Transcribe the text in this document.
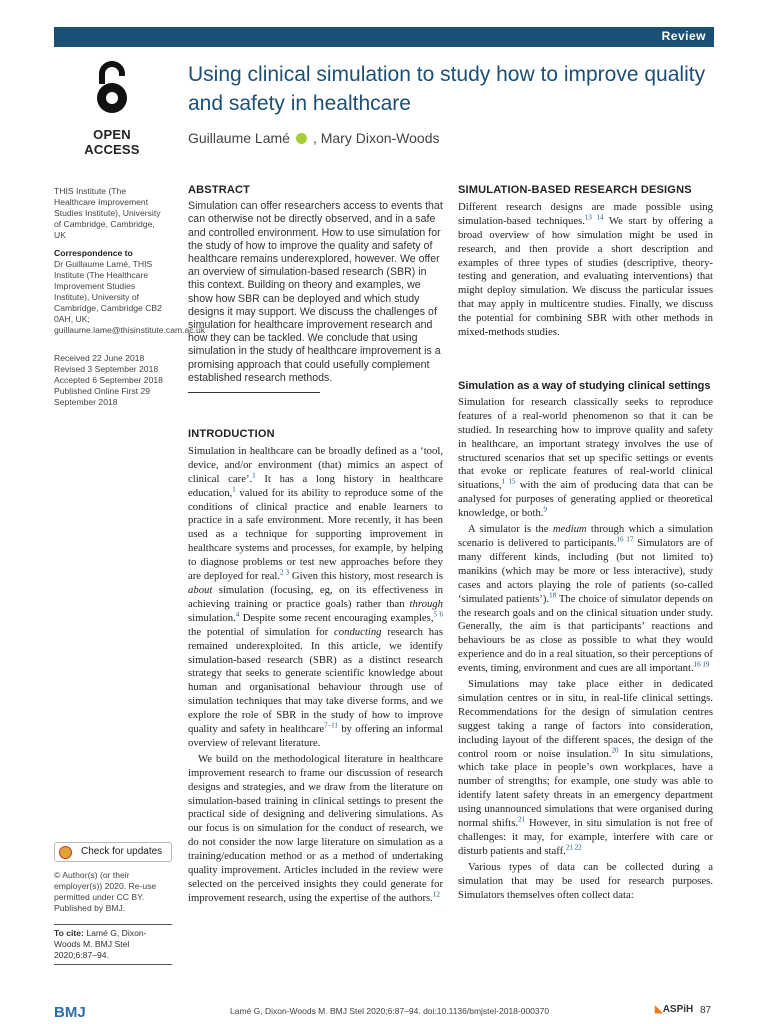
Review
OPEN ACCESS
Using clinical simulation to study how to improve quality and safety in healthcare
Guillaume Lamé , Mary Dixon-Woods
THIS Institute (The Healthcare Improvement Studies Institute), University of Cambridge, Cambridge, UK
Correspondence to
Dr Guillaume Lamé, THIS Institute (The Healthcare Improvement Studies Institute), University of Cambridge, Cambridge CB2 0AH, UK; guillaume.lame@thisinstitute.cam.ac.uk
Received 22 June 2018
Revised 3 September 2018
Accepted 6 September 2018
Published Online First 29 September 2018
Check for updates
© Author(s) (or their employer(s)) 2020. Re-use permitted under CC BY. Published by BMJ.
To cite: Lamé G, Dixon-Woods M. BMJ Stel 2020;6:87–94.
ABSTRACT
Simulation can offer researchers access to events that can otherwise not be directly observed, and in a safe and controlled environment. How to use simulation for the study of how to improve the quality and safety of healthcare remains underexplored, however. We offer an overview of simulation-based research (SBR) in this context. Building on theory and examples, we show how SBR can be deployed and which study designs it may support. We discuss the challenges of simulation for healthcare improvement research and how they can be tackled. We conclude that using simulation in the study of healthcare improvement is a promising approach that could usefully complement established research methods.
INTRODUCTION

Simulation in healthcare can be broadly defined as a ‘tool, device, and/or environment (that) mimics an aspect of clinical care’.$^1$ It has a long history in healthcare education,$^1$ valued for its ability to reproduce some of the conditions of clinical practice and enable learners to practice in a safe environment. More recently, it has been used as a technique for supporting improvement in healthcare systems and processes, for example, by helping to diagnose problems or test new approaches before they are deployed for real.$^{2 3}$ Given this history, most research is about simulation (focusing, eg, on its effectiveness in achieving training or practice goals) rather than through simulation.$^4$ Despite some recent encouraging examples,$^{5 6}$ the potential of simulation for conducting research has remained underexploited. In this article, we identify simulation-based research (SBR) as a distinct research strategy that seeks to generate scientific knowledge about human and organisational behaviour through use of simulation techniques that may take diverse forms, and we explore the role of SBR in the study of how to improve quality and safety in healthcare$^{7-11}$ by offering an informal overview of relevant literature.

We build on the methodological literature in healthcare improvement research to frame our discussion of research designs and strategies, and we draw from the literature on simulation-based training in clinical settings to present the practical side of designing and delivering simulations. As our focus is on simulation for the conduct of research, we do not consider the now large literature on simulation as a training/education method or as a method of undertaking quality improvement. Articles included in the review were selected on the perceived insights they could generate for improvement research, using the expertise of the authors.$^{12}$

SIMULATION-BASED RESEARCH DESIGNS

Different research designs are made possible using simulation-based techniques.$^{13 14}$ We start by offering a broad overview of how simulation might be used in research, and then provide a short description and examples of three types of studies (descriptive, theory-testing and generation, and evaluating interventions) that might deploy simulation. We discuss the particular issues that may apply in multicentre studies. Finally, we discuss the potential for combining SBR with other methods in mixed-methods studies.

Simulation as a way of studying clinical settings

Simulation for research classically seeks to reproduce features of a real-world phenomenon so that it can be studied. In researching how to improve quality and safety in healthcare, an important strategy involves the use of structured scenarios that set up specific settings or events that evoke or replicate features of real-world clinical situations,$^{1 15}$ with the aim of producing data that can be analysed for purposes of generating applied or theoretical knowledge, or both.$^9$

A simulator is the medium through which a simulation scenario is delivered to participants.$^{16 17}$ Simulators are of many different kinds, including (but not limited to) manikins (which may be more or less interactive), study cases and actors playing the role of patients (so-called ‘simulated patients’).$^{18}$ The choice of simulator depends on the research goals and on the clinical situation under study. Generally, the aim is that participants’ reactions and behaviours be as close as possible to what they would experience and do in a real situation, so their perceptions of events, timing, environment and cues are all important.$^{16 19}$

Simulations may take place either in dedicated simulation centres or in situ, in real-life clinical settings. Recommendations for the design of simulation centres suggest taking a range of factors into consideration, including layout of the different spaces, the design of the control room or noise insulation.$^{20}$ In situ simulations, which take place in people’s own workplaces, have a number of strengths; for example, one study was able to identify latent safety threats in an emergency department using unannounced simulations that were organised during normal shifts.$^{21}$ However, in situ simulation is not free of challenges: it may, for example, interfere with care or disturb patients and staff.$^{21 22}$

Various types of data can be collected during a simulation that may be used for research purposes. Simulators themselves often collect data:

BMJ	Lamé G, Dixon-Woods M. BMJ Stel 2020;6:87–94. doi:10.1136/bmjstel-2018-000370	◣ASPiH 87
